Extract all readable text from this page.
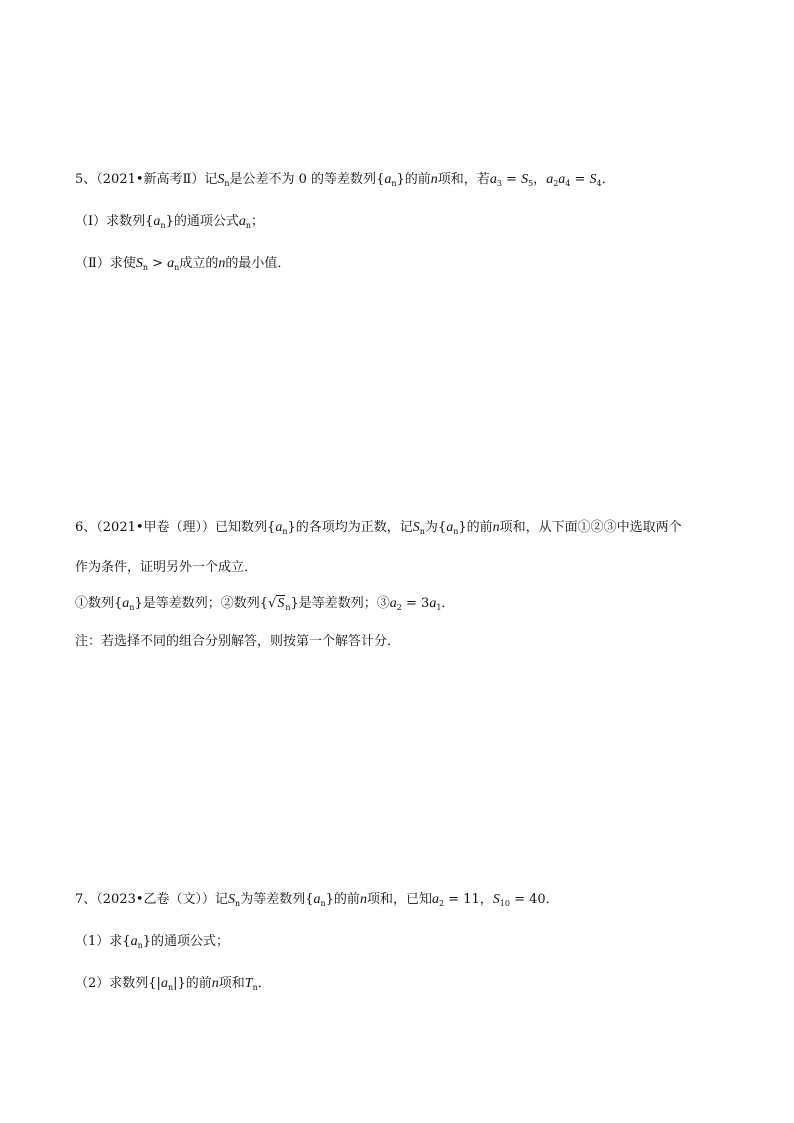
5、（2021•新高考Ⅱ）记$S_n$是公差不为 0 的等差数列$\{a_n\}$的前n项和，若$a_3 = S_5$，$a_2a_4 = S_4$．
（Ⅰ）求数列$\{a_n\}$的通项公式$a_n$；
（Ⅱ）求使$S_n > a_n$成立的n的最小值．
6、（2021•甲卷（理））已知数列$\{a_n\}$的各项均为正数，记$S_n$为$\{a_n\}$的前n项和，从下面①②③中选取两个
作为条件，证明另外一个成立．
①数列$\{a_n\}$是等差数列；②数列$\{√S_n\}$是等差数列；$③a_2 = 3a_1$．
注：若选择不同的组合分别解答，则按第一个解答计分．
7、（2023•乙卷（文））记$S_n$为等差数列$\{a_n\}$的前n项和，已知$a_2 = 11$，$S_{10} = 40$．
（1）求$\{a_n\}$的通项公式；
（2）求数列$\{|a_n|\}$的前n项和$T_n$．
